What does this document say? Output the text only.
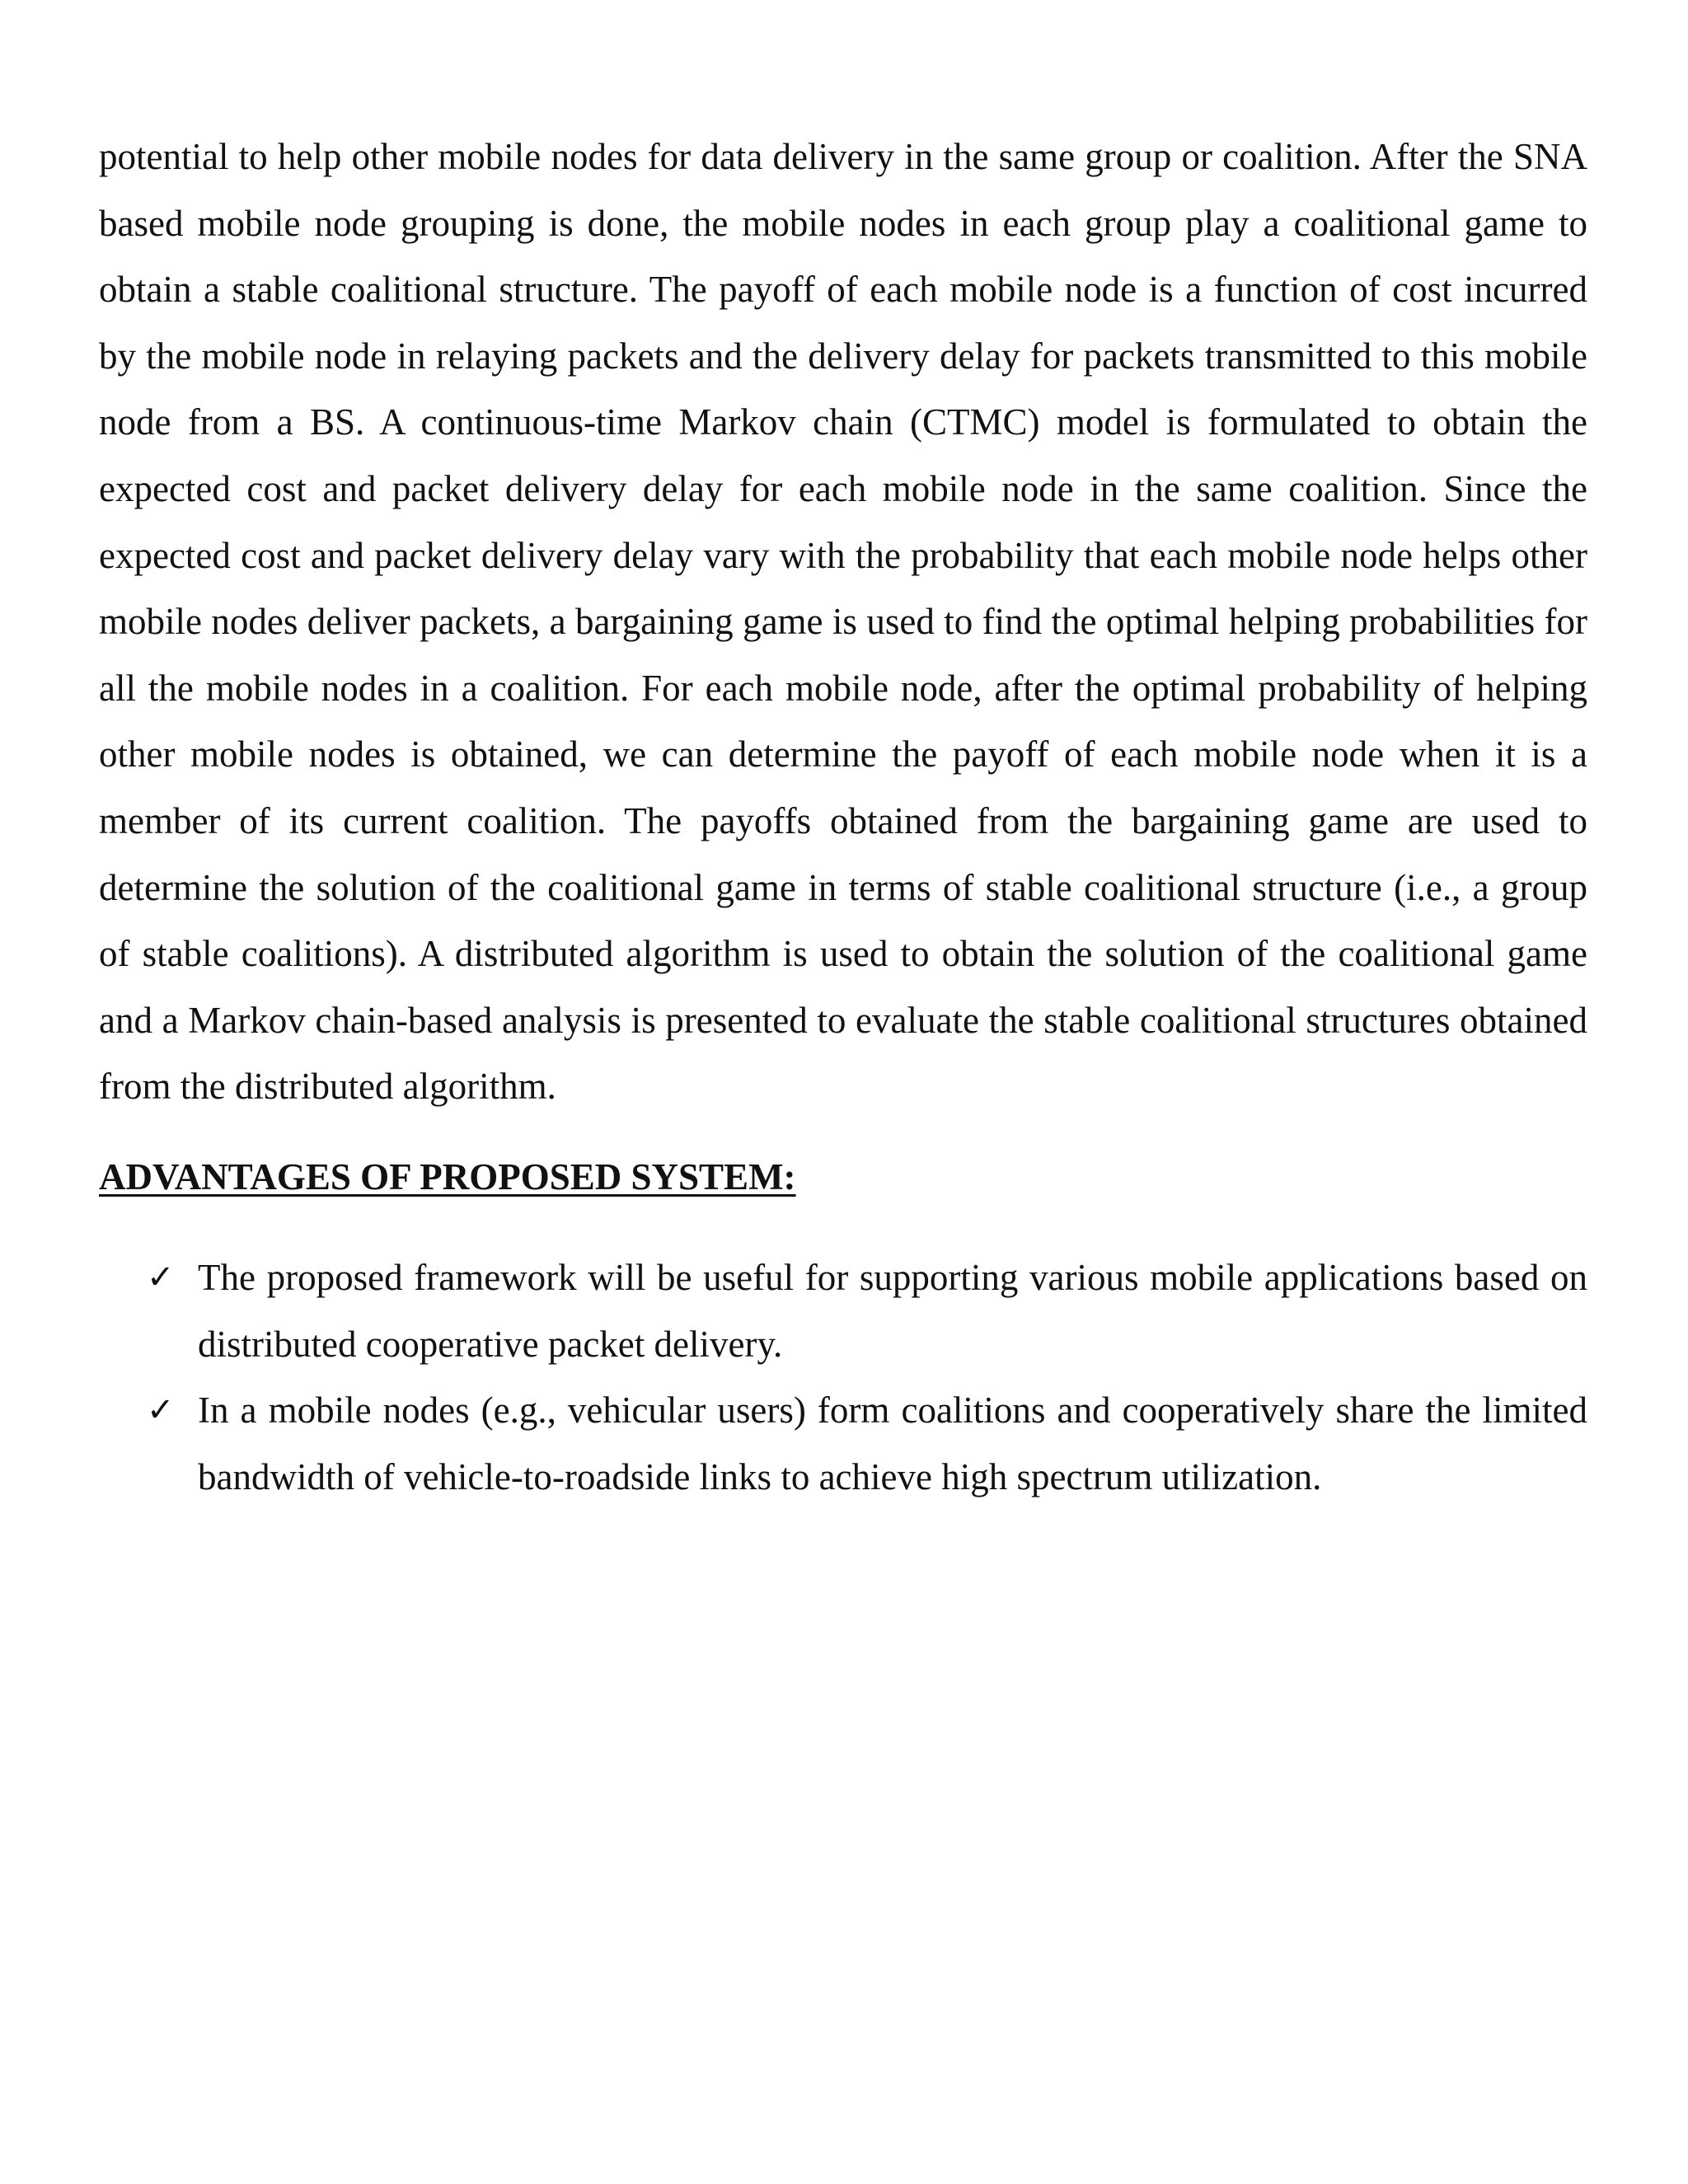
potential to help other mobile nodes for data delivery in the same group or coalition. After the SNA based mobile node grouping is done, the mobile nodes in each group play a coalitional game to obtain a stable coalitional structure. The payoff of each mobile node is a function of cost incurred by the mobile node in relaying packets and the delivery delay for packets transmitted to this mobile node from a BS. A continuous-time Markov chain (CTMC) model is formulated to obtain the expected cost and packet delivery delay for each mobile node in the same coalition. Since the expected cost and packet delivery delay vary with the probability that each mobile node helps other mobile nodes deliver packets, a bargaining game is used to find the optimal helping probabilities for all the mobile nodes in a coalition. For each mobile node, after the optimal probability of helping other mobile nodes is obtained, we can determine the payoff of each mobile node when it is a member of its current coalition. The payoffs obtained from the bargaining game are used to determine the solution of the coalitional game in terms of stable coalitional structure (i.e., a group of stable coalitions). A distributed algorithm is used to obtain the solution of the coalitional game and a Markov chain-based analysis is presented to evaluate the stable coalitional structures obtained from the distributed algorithm.

ADVANTAGES OF PROPOSED SYSTEM:
✓ The proposed framework will be useful for supporting various mobile applications based on distributed cooperative packet delivery.
✓ In a mobile nodes (e.g., vehicular users) form coalitions and cooperatively share the limited bandwidth of vehicle-to-roadside links to achieve high spectrum utilization.
